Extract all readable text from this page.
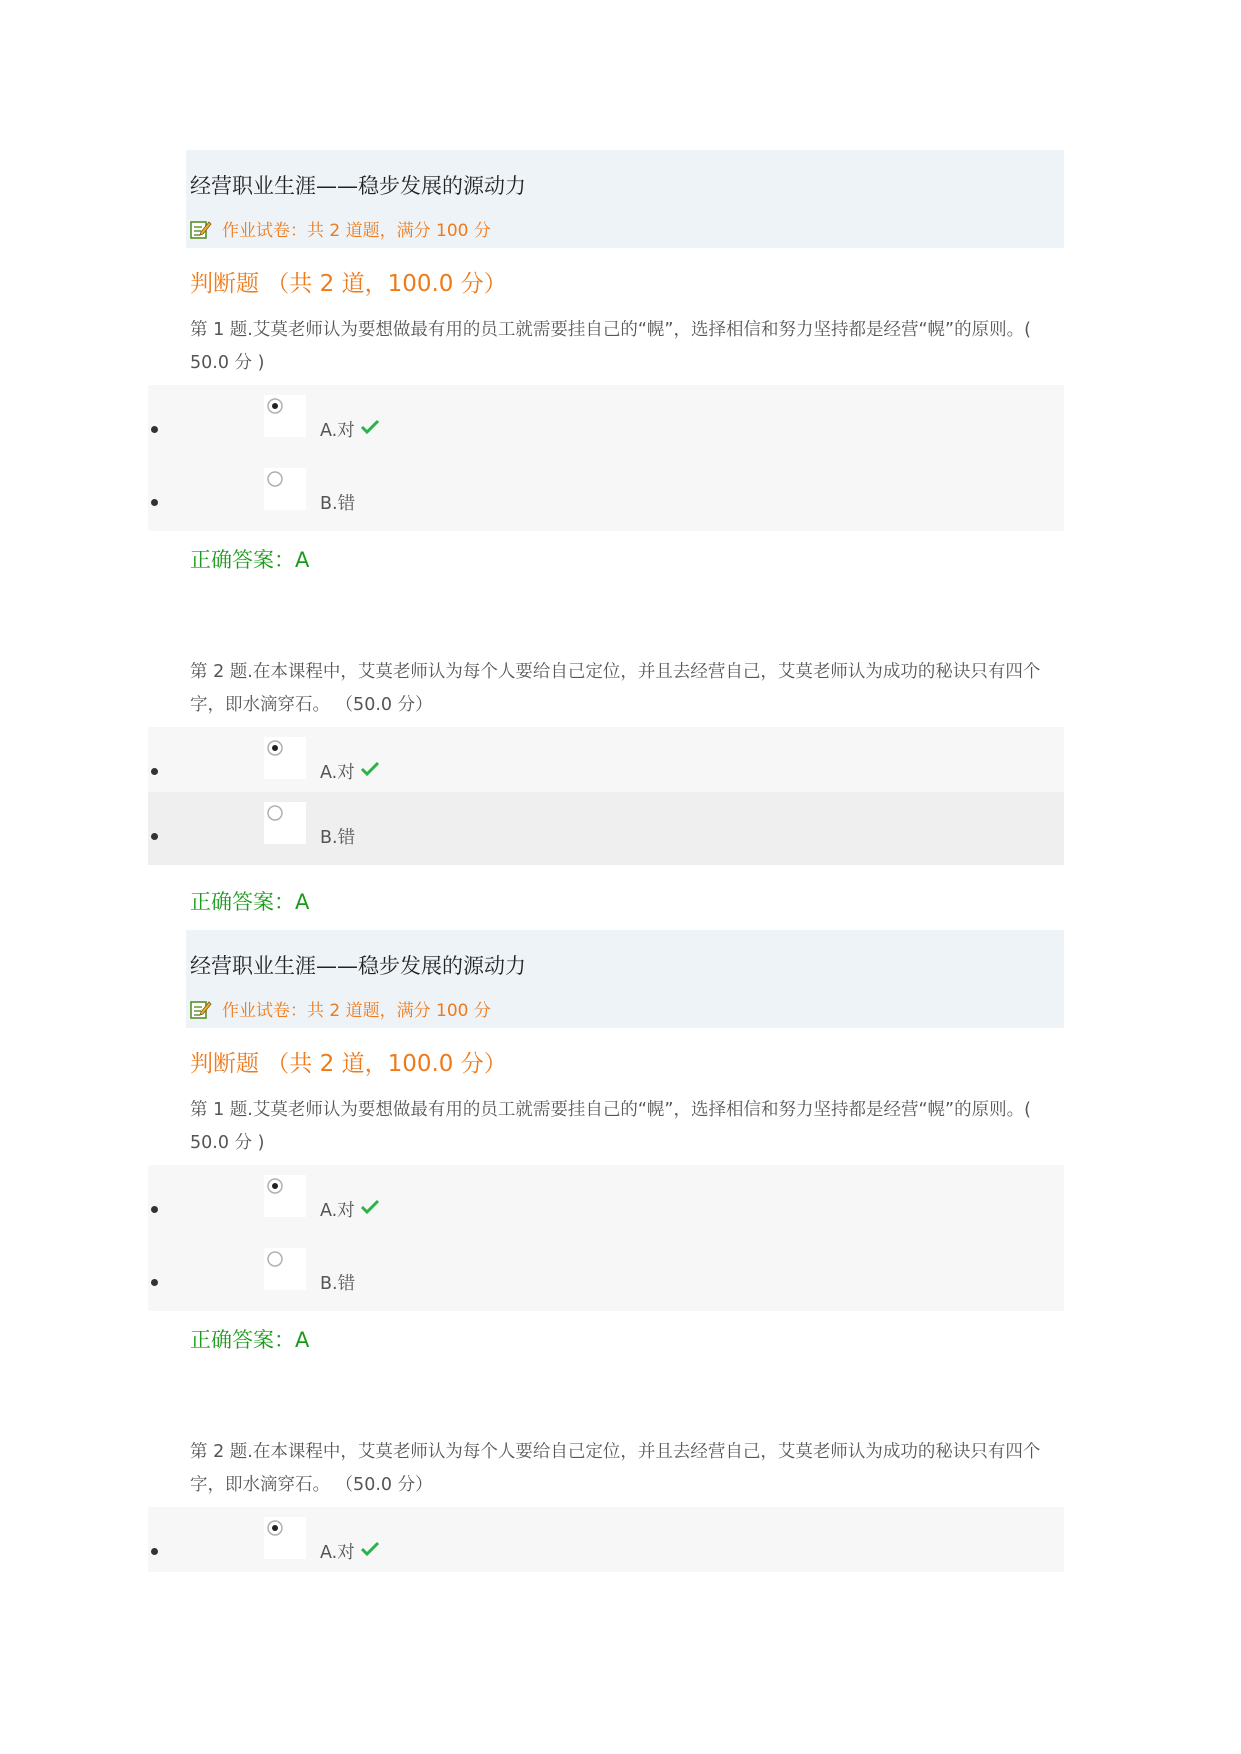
经营职业生涯——稳步发展的源动力
作业试卷：共 2 道题，满分 100 分
判断题 （共 2 道，100.0 分）
第 1 题.艾莫老师认为要想做最有用的员工就需要挂自己的“幌”，选择相信和努力坚持都是经营“幌”的原则。( 50.0 分 )
A.对
B.错
正确答案：A
第 2 题.在本课程中，艾莫老师认为每个人要给自己定位，并且去经营自己，艾莫老师认为成功的秘诀只有四个字，即水滴穿石。 （50.0 分）
A.对
B.错
正确答案：A
经营职业生涯——稳步发展的源动力
作业试卷：共 2 道题，满分 100 分
判断题 （共 2 道，100.0 分）
第 1 题.艾莫老师认为要想做最有用的员工就需要挂自己的“幌”，选择相信和努力坚持都是经营“幌”的原则。( 50.0 分 )
A.对
B.错
正确答案：A
第 2 题.在本课程中，艾莫老师认为每个人要给自己定位，并且去经营自己，艾莫老师认为成功的秘诀只有四个字，即水滴穿石。 （50.0 分）
A.对
